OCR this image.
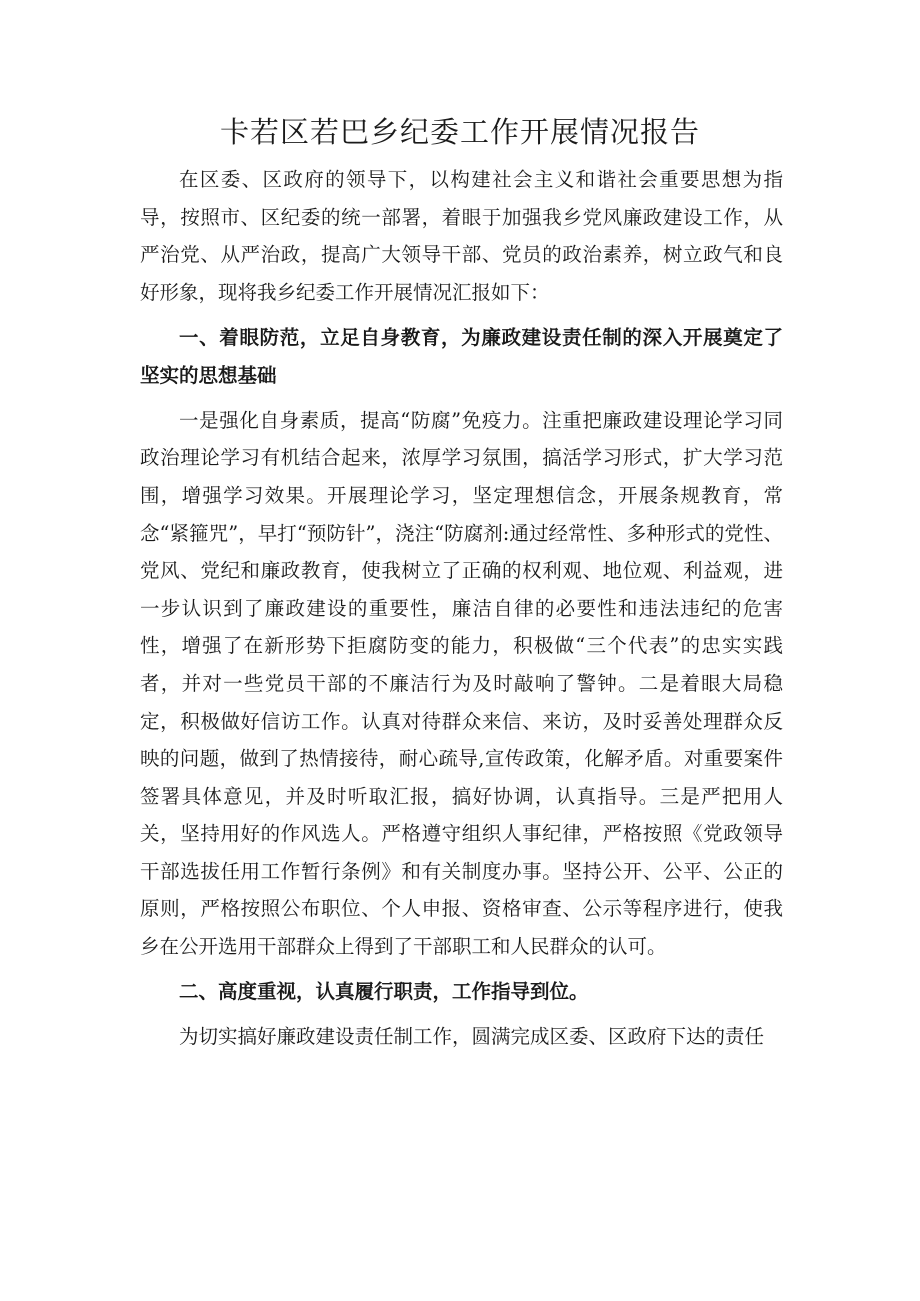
卡若区若巴乡纪委工作开展情况报告

在区委、区政府的领导下，以构建社会主义和谐社会重要思想为指导，按照市、区纪委的统一部署，着眼于加强我乡党风廉政建设工作，从严治党、从严治政，提高广大领导干部、党员的政治素养，树立政气和良好形象，现将我乡纪委工作开展情况汇报如下：

一、着眼防范，立足自身教育，为廉政建设责任制的深入开展奠定了坚实的思想基础

一是强化自身素质，提高“防腐”免疫力。注重把廉政建设理论学习同政治理论学习有机结合起来，浓厚学习氛围，搞活学习形式，扩大学习范围，增强学习效果。开展理论学习，坚定理想信念，开展条规教育，常念“紧箍咒”，早打“预防针”，浇注“防腐剂:通过经常性、多种形式的党性、党风、党纪和廉政教育，使我树立了正确的权利观、地位观、利益观，进一步认识到了廉政建设的重要性，廉洁自律的必要性和违法违纪的危害性，增强了在新形势下拒腐防变的能力，积极做“三个代表”的忠实实践者，并对一些党员干部的不廉洁行为及时敲响了警钟。二是着眼大局稳定，积极做好信访工作。认真对待群众来信、来访，及时妥善处理群众反映的问题，做到了热情接待，耐心疏导,宣传政策，化解矛盾。对重要案件签署具体意见，并及时听取汇报，搞好协调，认真指导。三是严把用人关，坚持用好的作风选人。严格遵守组织人事纪律，严格按照《党政领导干部选拔任用工作暂行条例》和有关制度办事。坚持公开、公平、公正的原则，严格按照公布职位、个人申报、资格审查、公示等程序进行，使我乡在公开选用干部群众上得到了干部职工和人民群众的认可。

二、高度重视，认真履行职责，工作指导到位。

为切实搞好廉政建设责任制工作，圆满完成区委、区政府下达的责任
